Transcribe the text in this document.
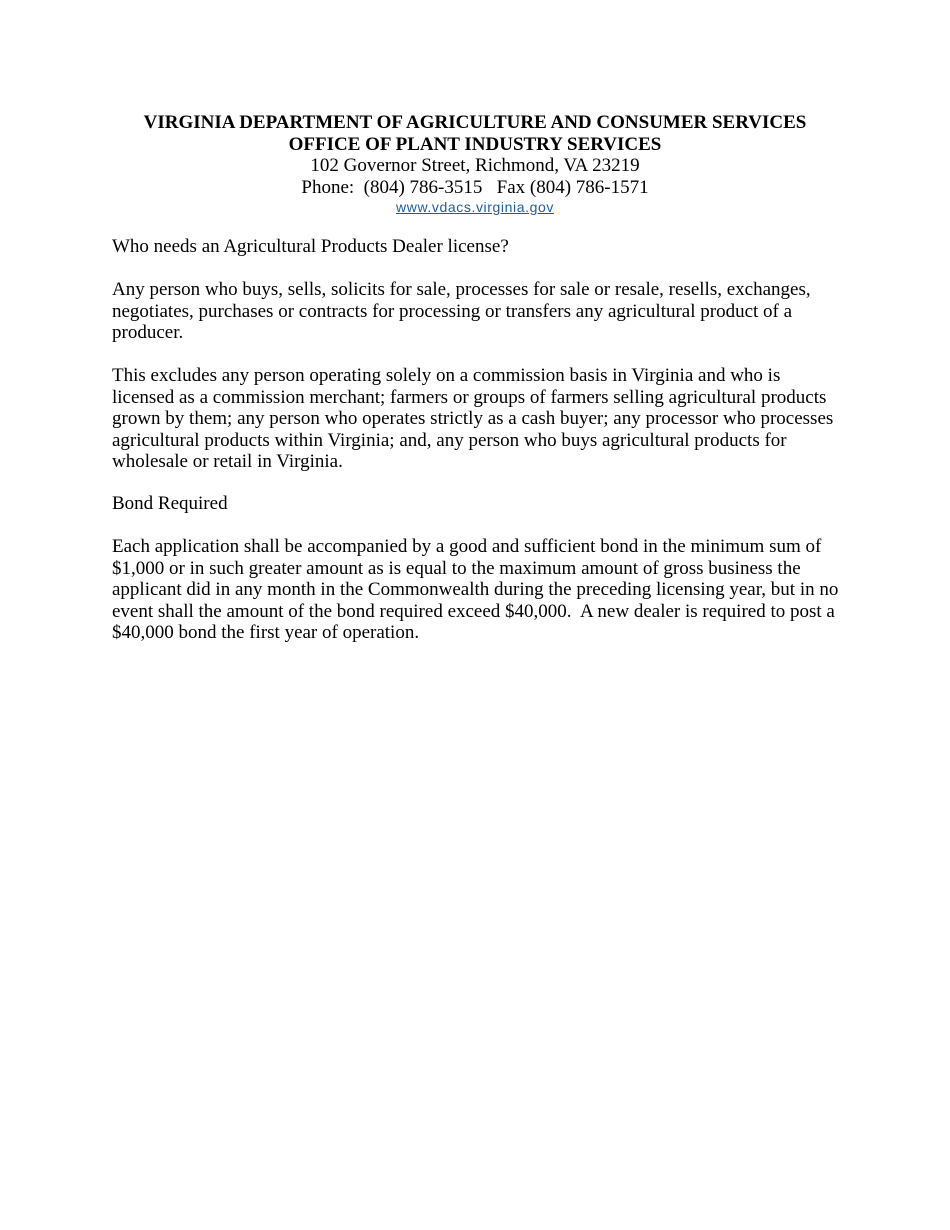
VIRGINIA DEPARTMENT OF AGRICULTURE AND CONSUMER SERVICES
OFFICE OF PLANT INDUSTRY SERVICES
102 Governor Street, Richmond, VA 23219
Phone:  (804) 786-3515   Fax (804) 786-1571
www.vdacs.virginia.gov

Who needs an Agricultural Products Dealer license?

Any person who buys, sells, solicits for sale, processes for sale or resale, resells, exchanges, negotiates, purchases or contracts for processing or transfers any agricultural product of a producer.

This excludes any person operating solely on a commission basis in Virginia and who is licensed as a commission merchant; farmers or groups of farmers selling agricultural products grown by them; any person who operates strictly as a cash buyer; any processor who processes agricultural products within Virginia; and, any person who buys agricultural products for wholesale or retail in Virginia.

Bond Required

Each application shall be accompanied by a good and sufficient bond in the minimum sum of $1,000 or in such greater amount as is equal to the maximum amount of gross business the applicant did in any month in the Commonwealth during the preceding licensing year, but in no event shall the amount of the bond required exceed $40,000.  A new dealer is required to post a $40,000 bond the first year of operation.
